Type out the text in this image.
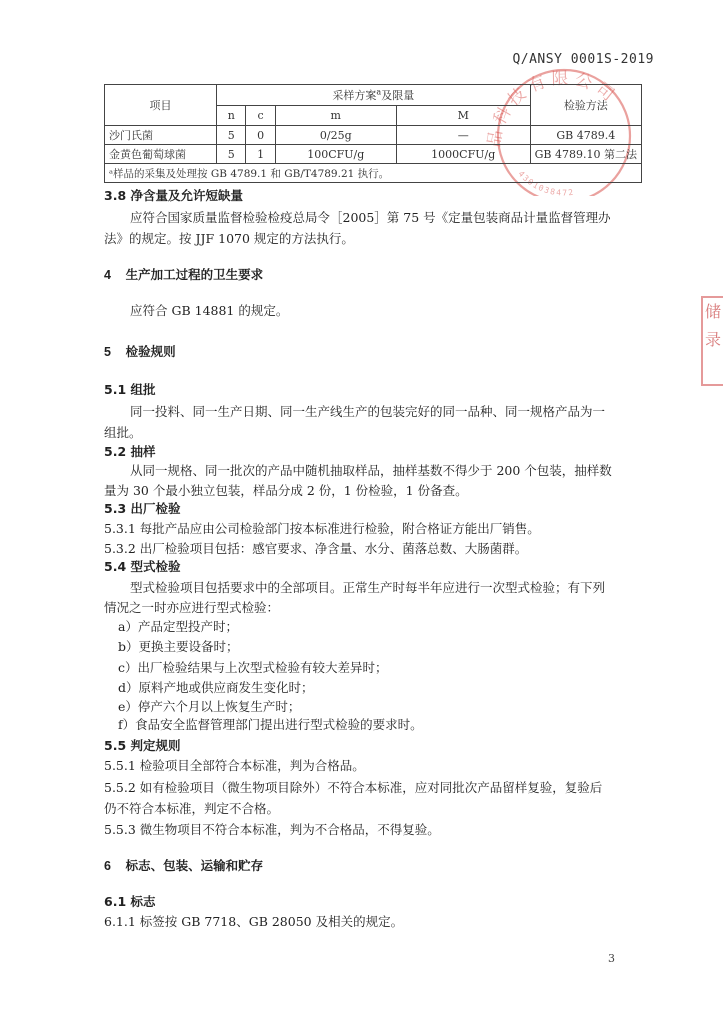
Q/ANSY 0001S-2019
品科技有限公司
4301038472
项目	采样方案$^a$及限量				检验方法
	n	c	m	M	
沙门氏菌	5	0	0/25g	—	GB 4789.4
金黄色葡萄球菌	5	1	100CFU/g	1000CFU/g	GB 4789.10 第二法
ᵃ样品的采集及处理按 GB 4789.1 和 GB/T4789.21 执行。					
3.8 净含量及允许短缺量
应符合国家质量监督检验检疫总局令［2005］第 75 号《定量包装商品计量监督管理办
法》的规定。按 JJF 1070 规定的方法执行。
4 生产加工过程的卫生要求
应符合 GB 14881 的规定。
5 检验规则
5.1 组批
同一投料、同一生产日期、同一生产线生产的包装完好的同一品种、同一规格产品为一
组批。
5.2 抽样
从同一规格、同一批次的产品中随机抽取样品，抽样基数不得少于 200 个包装，抽样数
量为 30 个最小独立包装，样品分成 2 份，1 份检验，1 份备查。
5.3 出厂检验
5.3.1 每批产品应由公司检验部门按本标准进行检验，附合格证方能出厂销售。
5.3.2 出厂检验项目包括：感官要求、净含量、水分、菌落总数、大肠菌群。
5.4 型式检验
型式检验项目包括要求中的全部项目。正常生产时每半年应进行一次型式检验；有下列
情况之一时亦应进行型式检验：
a）产品定型投产时；
b）更换主要设备时；
c）出厂检验结果与上次型式检验有较大差异时；
d）原料产地或供应商发生变化时；
e）停产六个月以上恢复生产时；
f）食品安全监督管理部门提出进行型式检验的要求时。
5.5 判定规则
5.5.1 检验项目全部符合本标准，判为合格品。
5.5.2 如有检验项目（微生物项目除外）不符合本标准，应对同批次产品留样复验，复验后
仍不符合本标准，判定不合格。
5.5.3 微生物项目不符合本标准，判为不合格品，不得复验。
6 标志、包装、运输和贮存
6.1 标志
6.1.1 标签按 GB 7718、GB 28050 及相关的规定。
3
储
录
